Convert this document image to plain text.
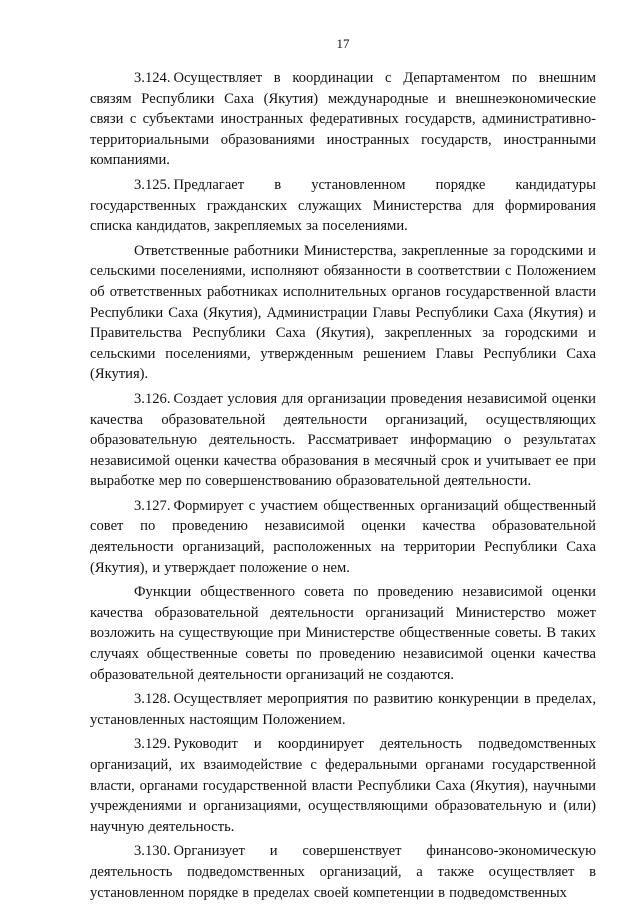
17

3.124. Осуществляет в координации с Департаментом по внешним связям Республики Саха (Якутия) международные и внешнеэкономические связи с субъектами иностранных федеративных государств, административно-территориальными образованиями иностранных государств, иностранными компаниями.

3.125. Предлагает в установленном порядке кандидатуры государственных гражданских служащих Министерства для формирования списка кандидатов, закрепляемых за поселениями.

Ответственные работники Министерства, закрепленные за городскими и сельскими поселениями, исполняют обязанности в соответствии с Положением об ответственных работниках исполнительных органов государственной власти Республики Саха (Якутия), Администрации Главы Республики Саха (Якутия) и Правительства Республики Саха (Якутия), закрепленных за городскими и сельскими поселениями, утвержденным решением Главы Республики Саха (Якутия).

3.126. Создает условия для организации проведения независимой оценки качества образовательной деятельности организаций, осуществляющих образовательную деятельность. Рассматривает информацию о результатах независимой оценки качества образования в месячный срок и учитывает ее при выработке мер по совершенствованию образовательной деятельности.

3.127. Формирует с участием общественных организаций общественный совет по проведению независимой оценки качества образовательной деятельности организаций, расположенных на территории Республики Саха (Якутия), и утверждает положение о нем.

Функции общественного совета по проведению независимой оценки качества образовательной деятельности организаций Министерство может возложить на существующие при Министерстве общественные советы. В таких случаях общественные советы по проведению независимой оценки качества образовательной деятельности организаций не создаются.

3.128. Осуществляет мероприятия по развитию конкуренции в пределах, установленных настоящим Положением.

3.129. Руководит и координирует деятельность подведомственных организаций, их взаимодействие с федеральными органами государственной власти, органами государственной власти Республики Саха (Якутия), научными учреждениями и организациями, осуществляющими образовательную и (или) научную деятельность.

3.130. Организует и совершенствует финансово-экономическую деятельность подведомственных организаций, а также осуществляет в установленном порядке в пределах своей компетенции в подведомственных
